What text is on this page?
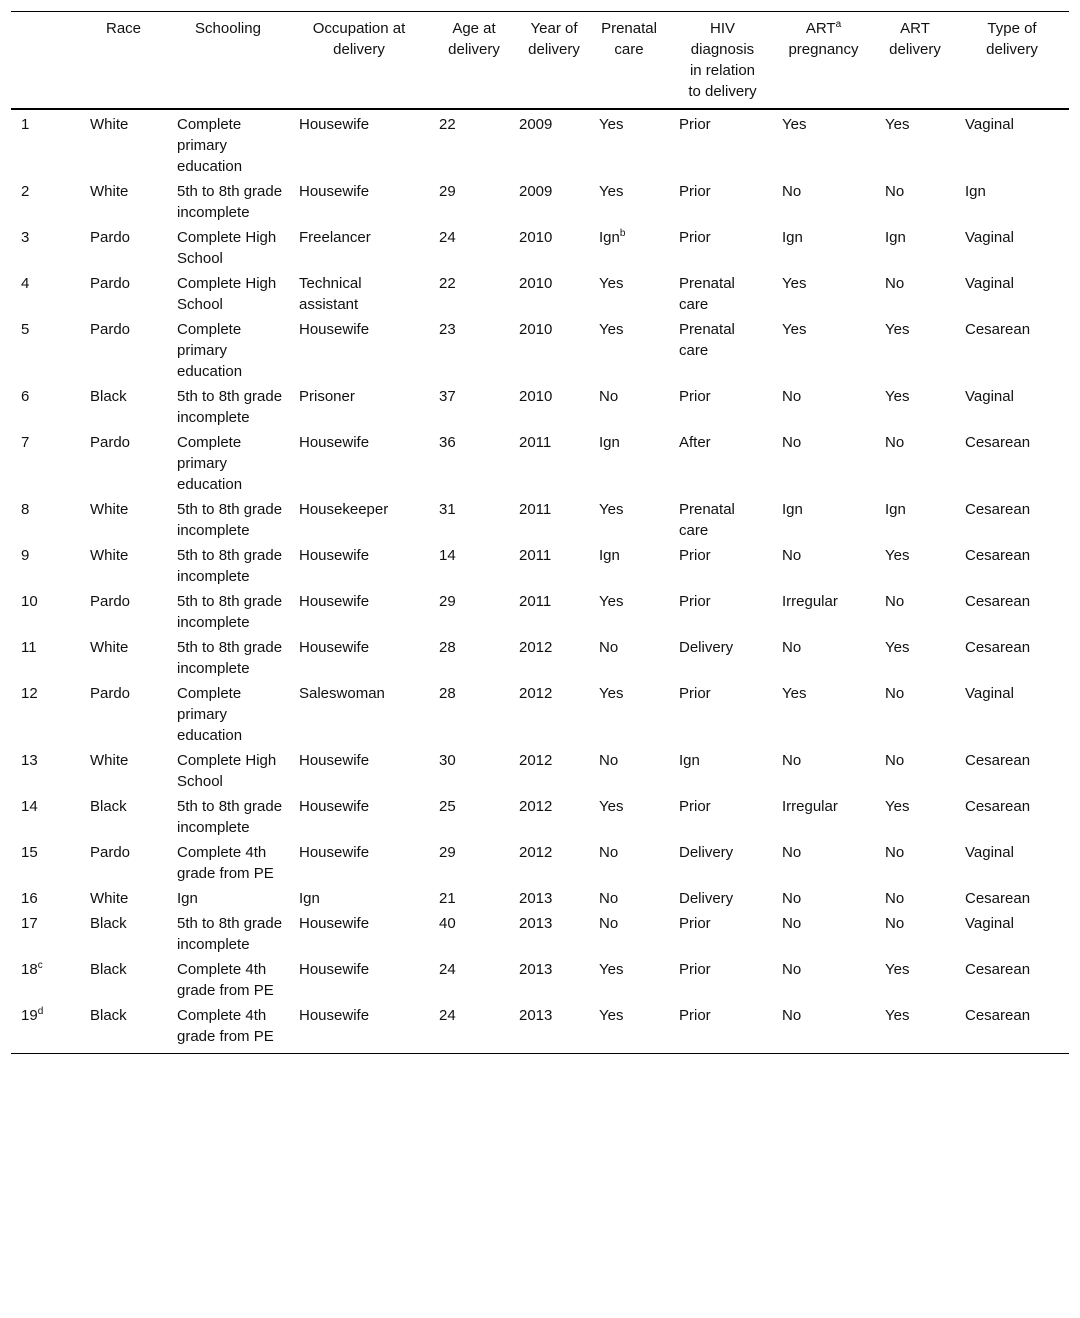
	Race	Schooling	Occupation at delivery	Age at delivery	Year of delivery	Prenatal care	HIV diagnosis in relation to delivery	ART$^a$ pregnancy	ART delivery	Type of delivery
1	White	Complete primary education	Housewife	22	2009	Yes	Prior	Yes	Yes	Vaginal
2	White	5th to 8th grade incomplete	Housewife	29	2009	Yes	Prior	No	No	Ign
3	Pardo	Complete High School	Freelancer	24	2010	Ign$^b$	Prior	Ign	Ign	Vaginal
4	Pardo	Complete High School	Technical assistant	22	2010	Yes	Prenatal care	Yes	No	Vaginal
5	Pardo	Complete primary education	Housewife	23	2010	Yes	Prenatal care	Yes	Yes	Cesarean
6	Black	5th to 8th grade incomplete	Prisoner	37	2010	No	Prior	No	Yes	Vaginal
7	Pardo	Complete primary education	Housewife	36	2011	Ign	After	No	No	Cesarean
8	White	5th to 8th grade incomplete	Housekeeper	31	2011	Yes	Prenatal care	Ign	Ign	Cesarean
9	White	5th to 8th grade incomplete	Housewife	14	2011	Ign	Prior	No	Yes	Cesarean
10	Pardo	5th to 8th grade incomplete	Housewife	29	2011	Yes	Prior	Irregular	No	Cesarean
11	White	5th to 8th grade incomplete	Housewife	28	2012	No	Delivery	No	Yes	Cesarean
12	Pardo	Complete primary education	Saleswoman	28	2012	Yes	Prior	Yes	No	Vaginal
13	White	Complete High School	Housewife	30	2012	No	Ign	No	No	Cesarean
14	Black	5th to 8th grade incomplete	Housewife	25	2012	Yes	Prior	Irregular	Yes	Cesarean
15	Pardo	Complete 4th grade from PE	Housewife	29	2012	No	Delivery	No	No	Vaginal
16	White	Ign	Ign	21	2013	No	Delivery	No	No	Cesarean
17	Black	5th to 8th grade incomplete	Housewife	40	2013	No	Prior	No	No	Vaginal
18$^c$	Black	Complete 4th grade from PE	Housewife	24	2013	Yes	Prior	No	Yes	Cesarean
19$^d$	Black	Complete 4th grade from PE	Housewife	24	2013	Yes	Prior	No	Yes	Cesarean
